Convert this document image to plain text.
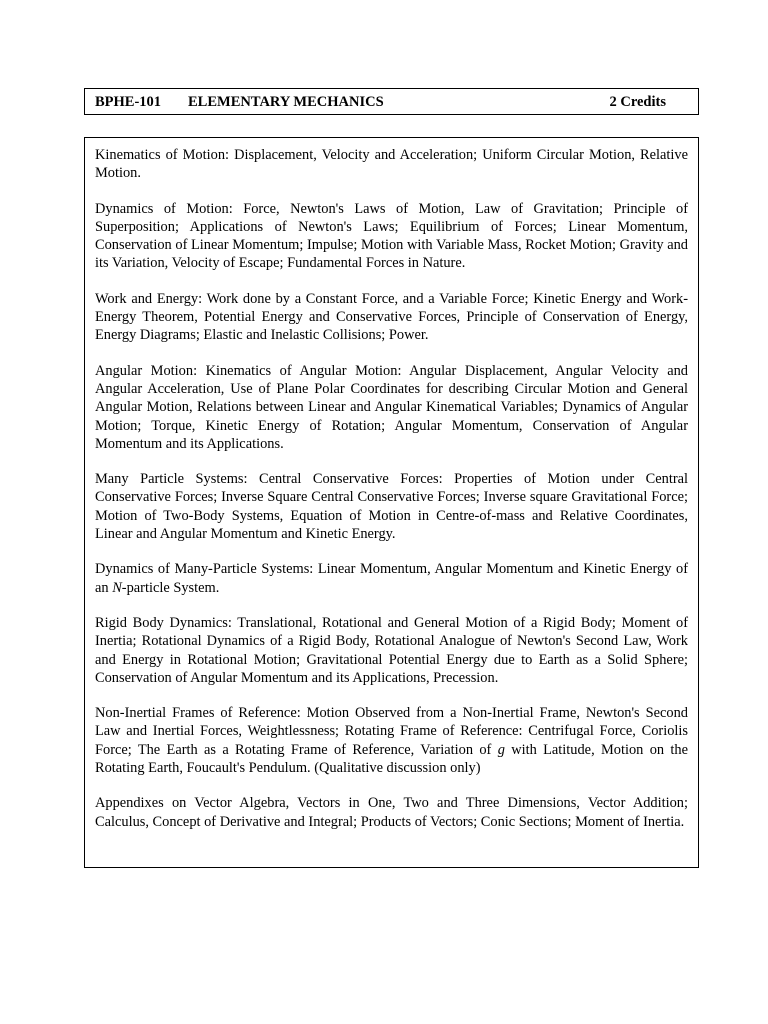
BPHE-101 ELEMENTARY MECHANICS	2 Credits

Kinematics of Motion: Displacement, Velocity and Acceleration; Uniform Circular Motion, Relative Motion.

Dynamics of Motion: Force, Newton's Laws of Motion, Law of Gravitation; Principle of Superposition; Applications of Newton's Laws; Equilibrium of Forces; Linear Momentum, Conservation of Linear Momentum; Impulse; Motion with Variable Mass, Rocket Motion; Gravity and its Variation, Velocity of Escape; Fundamental Forces in Nature.

Work and Energy: Work done by a Constant Force, and a Variable Force; Kinetic Energy and Work-Energy Theorem, Potential Energy and Conservative Forces, Principle of Conservation of Energy, Energy Diagrams; Elastic and Inelastic Collisions; Power.

Angular Motion: Kinematics of Angular Motion: Angular Displacement, Angular Velocity and Angular Acceleration, Use of Plane Polar Coordinates for describing Circular Motion and General Angular Motion, Relations between Linear and Angular Kinematical Variables; Dynamics of Angular Motion; Torque, Kinetic Energy of Rotation; Angular Momentum, Conservation of Angular Momentum and its Applications.

Many Particle Systems: Central Conservative Forces: Properties of Motion under Central Conservative Forces; Inverse Square Central Conservative Forces; Inverse square Gravitational Force; Motion of Two-Body Systems, Equation of Motion in Centre-of-mass and Relative Coordinates, Linear and Angular Momentum and Kinetic Energy.

Dynamics of Many-Particle Systems: Linear Momentum, Angular Momentum and Kinetic Energy of an N-particle System.

Rigid Body Dynamics: Translational, Rotational and General Motion of a Rigid Body; Moment of Inertia; Rotational Dynamics of a Rigid Body, Rotational Analogue of Newton's Second Law, Work and Energy in Rotational Motion; Gravitational Potential Energy due to Earth as a Solid Sphere; Conservation of Angular Momentum and its Applications, Precession.

Non-Inertial Frames of Reference: Motion Observed from a Non-Inertial Frame, Newton's Second Law and Inertial Forces, Weightlessness; Rotating Frame of Reference: Centrifugal Force, Coriolis Force; The Earth as a Rotating Frame of Reference, Variation of g with Latitude, Motion on the Rotating Earth, Foucault's Pendulum. (Qualitative discussion only)

Appendixes on Vector Algebra, Vectors in One, Two and Three Dimensions, Vector Addition; Calculus, Concept of Derivative and Integral; Products of Vectors; Conic Sections; Moment of Inertia.
